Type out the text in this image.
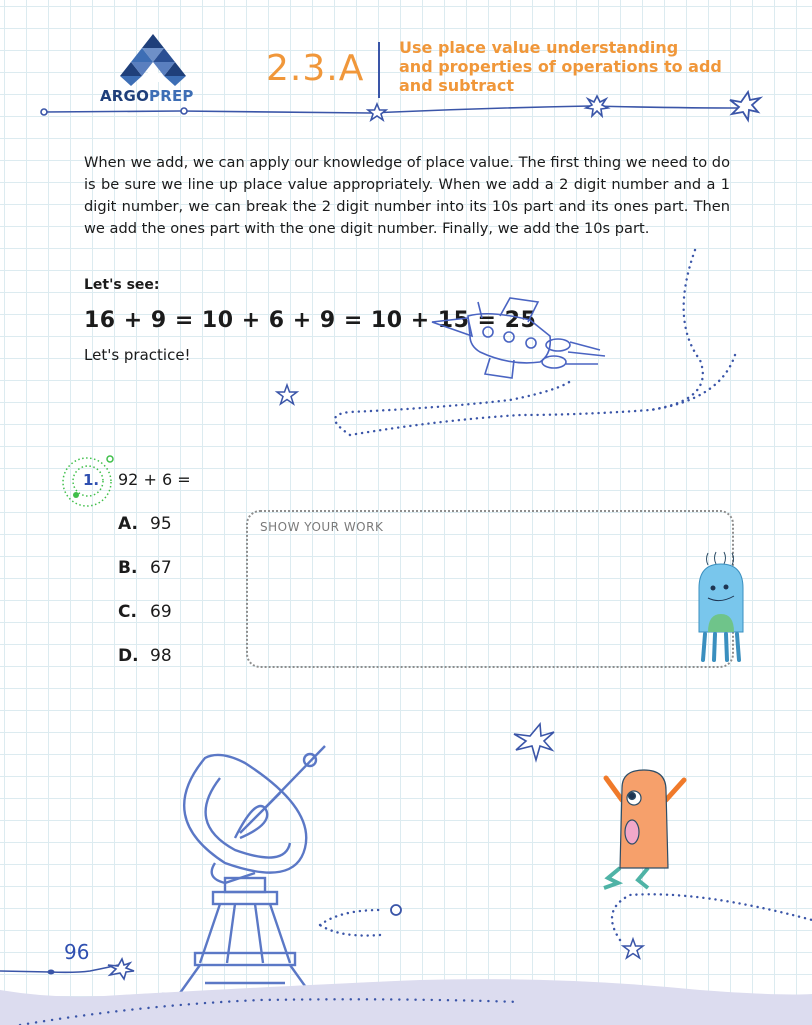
ARGOPREP
2.3.A
Use place value understanding
and properties of operations to add
and subtract
When we add, we can apply our knowledge of place value. The first thing we need to do is be sure we line up place value appropriately. When we add a 2 digit number and a 1 digit number, we can break the 2 digit number into its 10s part and its ones part. Then we add the ones part with the one digit number. Finally, we add the 10s part.
Let's see:
16 + 9 = 10 + 6 + 9 = 10 + 15 = 25
Let's practice!
1. 92 + 6 =
A. 95
B. 67
C. 69
D. 98
SHOW YOUR WORK
96
